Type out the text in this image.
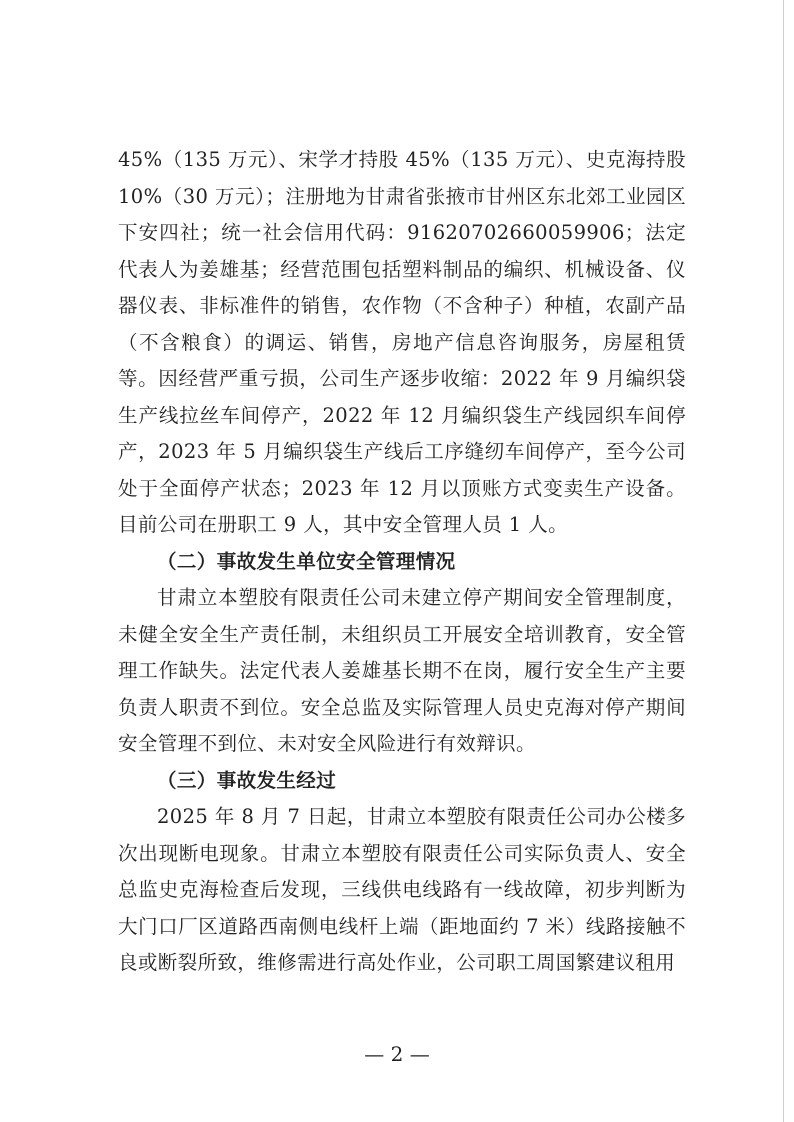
45%（135 万元）、宋学才持股 45%（135 万元）、史克海持股 10%（30 万元）；注册地为甘肃省张掖市甘州区东北郊工业园区下安四社；统一社会信用代码：91620702660059906；法定代表人为姜雄基；经营范围包括塑料制品的编织、机械设备、仪器仪表、非标准件的销售，农作物（不含种子）种植，农副产品（不含粮食）的调运、销售，房地产信息咨询服务，房屋租赁等。因经营严重亏损，公司生产逐步收缩：2022 年 9 月编织袋生产线拉丝车间停产，2022 年 12 月编织袋生产线园织车间停产，2023 年 5 月编织袋生产线后工序缝纫车间停产，至今公司处于全面停产状态；2023 年 12 月以顶账方式变卖生产设备。目前公司在册职工 9 人，其中安全管理人员 1 人。

（二）事故发生单位安全管理情况

甘肃立本塑胶有限责任公司未建立停产期间安全管理制度，未健全安全生产责任制，未组织员工开展安全培训教育，安全管理工作缺失。法定代表人姜雄基长期不在岗，履行安全生产主要负责人职责不到位。安全总监及实际管理人员史克海对停产期间安全管理不到位、未对安全风险进行有效辩识。

（三）事故发生经过

2025 年 8 月 7 日起，甘肃立本塑胶有限责任公司办公楼多次出现断电现象。甘肃立本塑胶有限责任公司实际负责人、安全总监史克海检查后发现，三线供电线路有一线故障，初步判断为大门口厂区道路西南侧电线杆上端（距地面约 7 米）线路接触不良或断裂所致，维修需进行高处作业，公司职工周国繁建议租用

— 2 —
